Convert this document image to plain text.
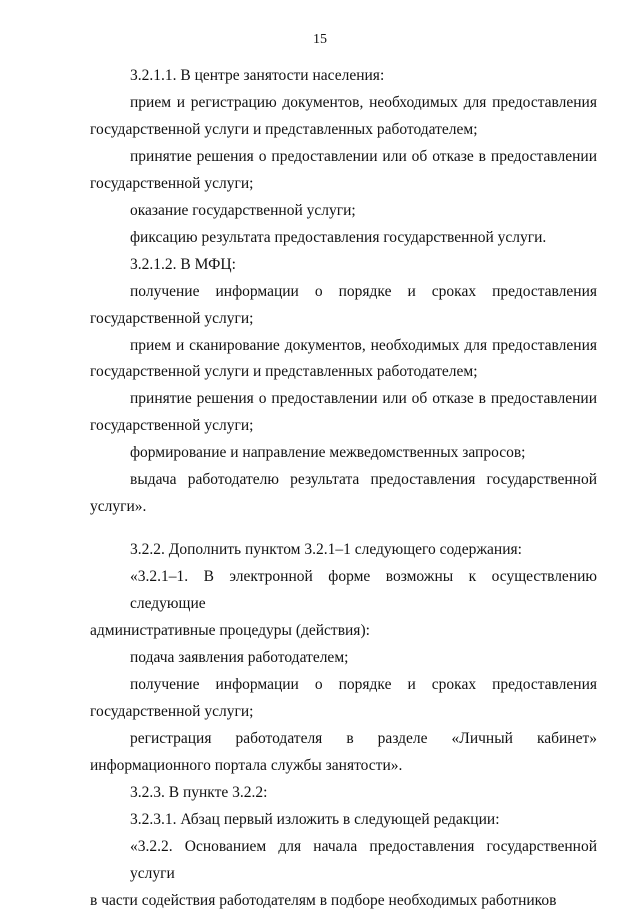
15
3.2.1.1. В центре занятости населения:
прием и регистрацию документов, необходимых для предоставления
государственной услуги и представленных работодателем;
принятие решения о предоставлении или об отказе в предоставлении
государственной услуги;
оказание государственной услуги;
фиксацию результата предоставления государственной услуги.
3.2.1.2. В МФЦ:
получение информации о порядке и сроках предоставления
государственной услуги;
прием и сканирование документов, необходимых для предоставления
государственной услуги и представленных работодателем;
принятие решения о предоставлении или об отказе в предоставлении
государственной услуги;
формирование и направление межведомственных запросов;
выдача работодателю результата предоставления государственной
услуги».
3.2.2. Дополнить пунктом 3.2.1–1 следующего содержания:
«3.2.1–1. В электронной форме возможны к осуществлению следующие
административные процедуры (действия):
подача заявления работодателем;
получение информации о порядке и сроках предоставления
государственной услуги;
регистрация работодателя в разделе «Личный кабинет»
информационного портала службы занятости».
3.2.3. В пункте 3.2.2:
3.2.3.1. Абзац первый изложить в следующей редакции:
«3.2.2. Основанием для начала предоставления государственной услуги
в части содействия работодателям в подборе необходимых работников
